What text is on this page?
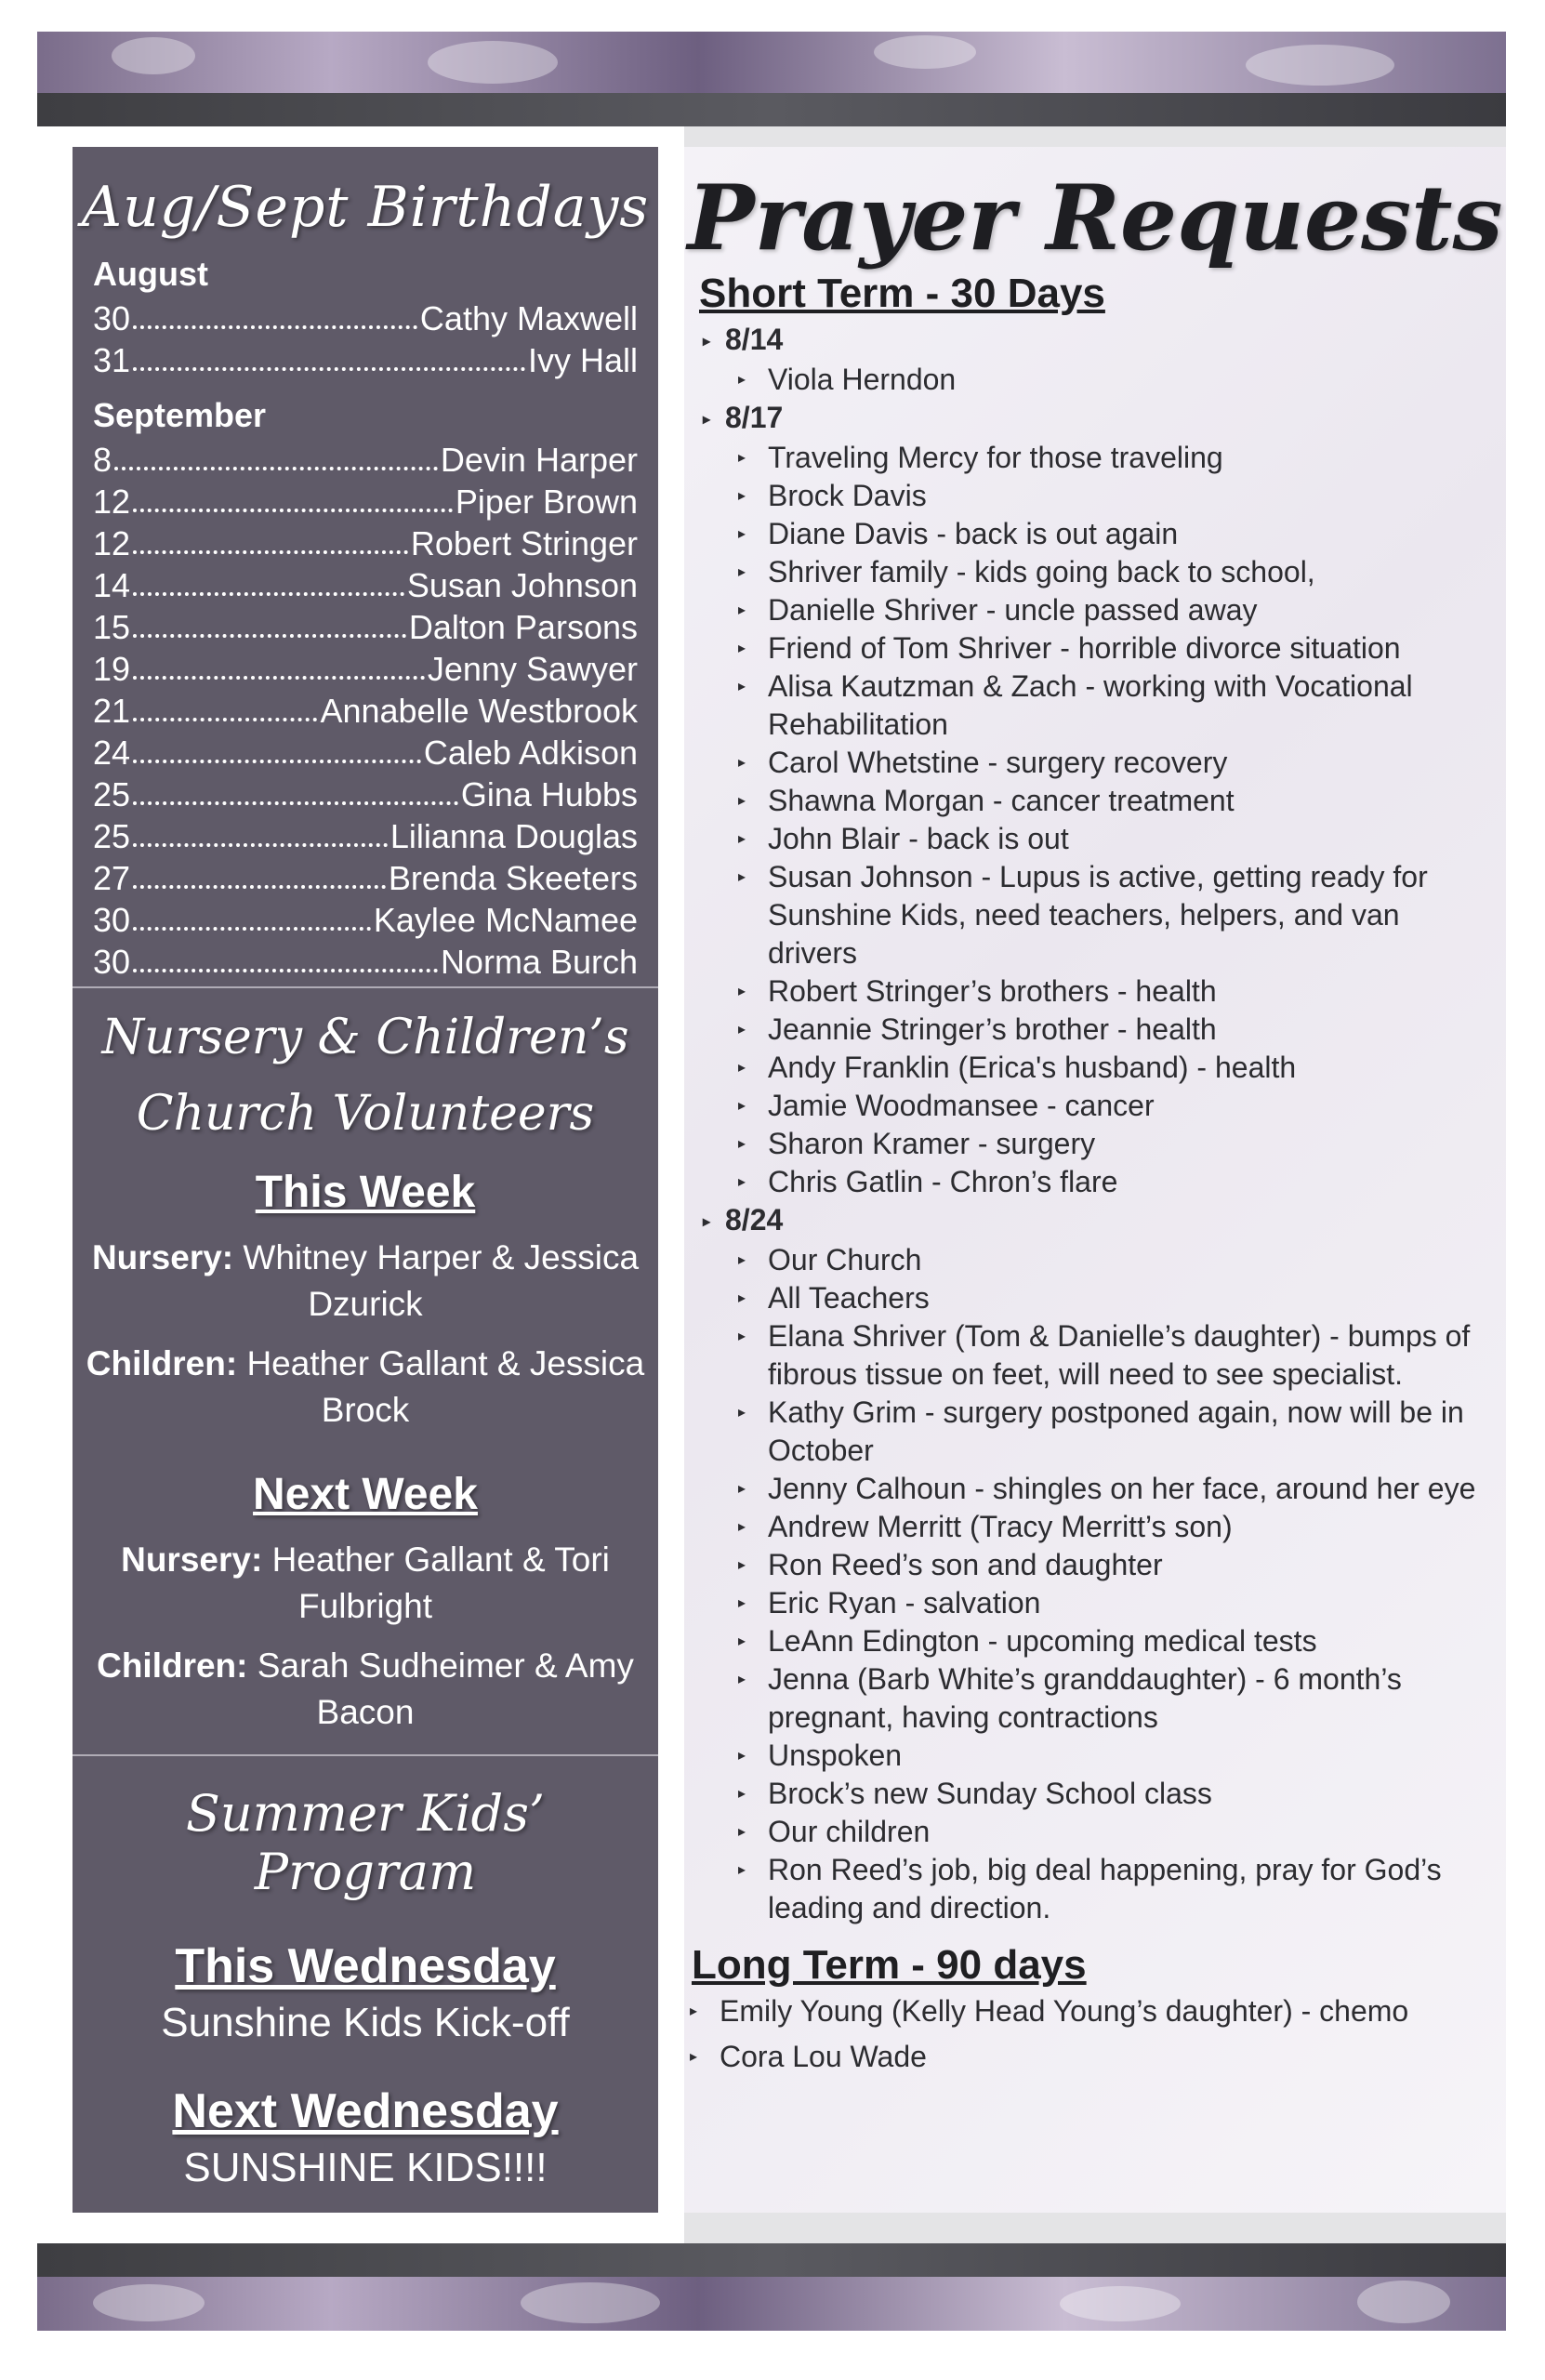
Aug/Sept Birthdays
August
30	Cathy Maxwell
31	Ivy Hall
September
8	Devin Harper
12	Piper Brown
12	Robert Stringer
14	Susan Johnson
15	Dalton Parsons
19	Jenny Sawyer
21	Annabelle Westbrook
24	Caleb Adkison
25	Gina Hubbs
25	Lilianna Douglas
27	Brenda Skeeters
30	Kaylee McNamee
30	Norma Burch
Nursery & Children’s
Church Volunteers
This Week
Nursery: Whitney Harper & Jessica Dzurick
Children: Heather Gallant & Jessica Brock
Next Week
Nursery: Heather Gallant & Tori Fulbright
Children: Sarah Sudheimer & Amy Bacon
Summer Kids’ Program
This Wednesday
Sunshine Kids Kick-off
Next Wednesday
SUNSHINE KIDS!!!!
Prayer Requests
Short Term - 30 Days
▸ 8/14
▸ Viola Herndon
▸ 8/17
▸ Traveling Mercy for those traveling
▸ Brock Davis
▸ Diane Davis - back is out again
▸ Shriver family - kids going back to school,
▸ Danielle Shriver - uncle passed away
▸ Friend of Tom Shriver - horrible divorce situation
▸ Alisa Kautzman & Zach - working with Vocational Rehabilitation
▸ Carol Whetstine - surgery recovery
▸ Shawna Morgan - cancer treatment
▸ John Blair - back is out
▸ Susan Johnson - Lupus is active, getting ready for Sunshine Kids, need teachers, helpers, and van drivers
▸ Robert Stringer’s brothers - health
▸ Jeannie Stringer’s brother - health
▸ Andy Franklin (Erica's husband) - health
▸ Jamie Woodmansee - cancer
▸ Sharon Kramer - surgery
▸ Chris Gatlin - Chron’s flare
▸ 8/24
▸ Our Church
▸ All Teachers
▸ Elana Shriver (Tom & Danielle’s daughter) - bumps of fibrous tissue on feet, will need to see specialist.
▸ Kathy Grim - surgery postponed again, now will be in October
▸ Jenny Calhoun - shingles on her face, around her eye
▸ Andrew Merritt (Tracy Merritt’s son)
▸ Ron Reed’s son and daughter
▸ Eric Ryan - salvation
▸ LeAnn Edington - upcoming medical tests
▸ Jenna (Barb White’s granddaughter) - 6 month’s pregnant, having contractions
▸ Unspoken
▸ Brock’s new Sunday School class
▸ Our children
▸ Ron Reed’s job, big deal happening, pray for God’s leading and direction.
Long Term - 90 days
▸ Emily Young (Kelly Head Young’s daughter) - chemo
▸ Cora Lou Wade
